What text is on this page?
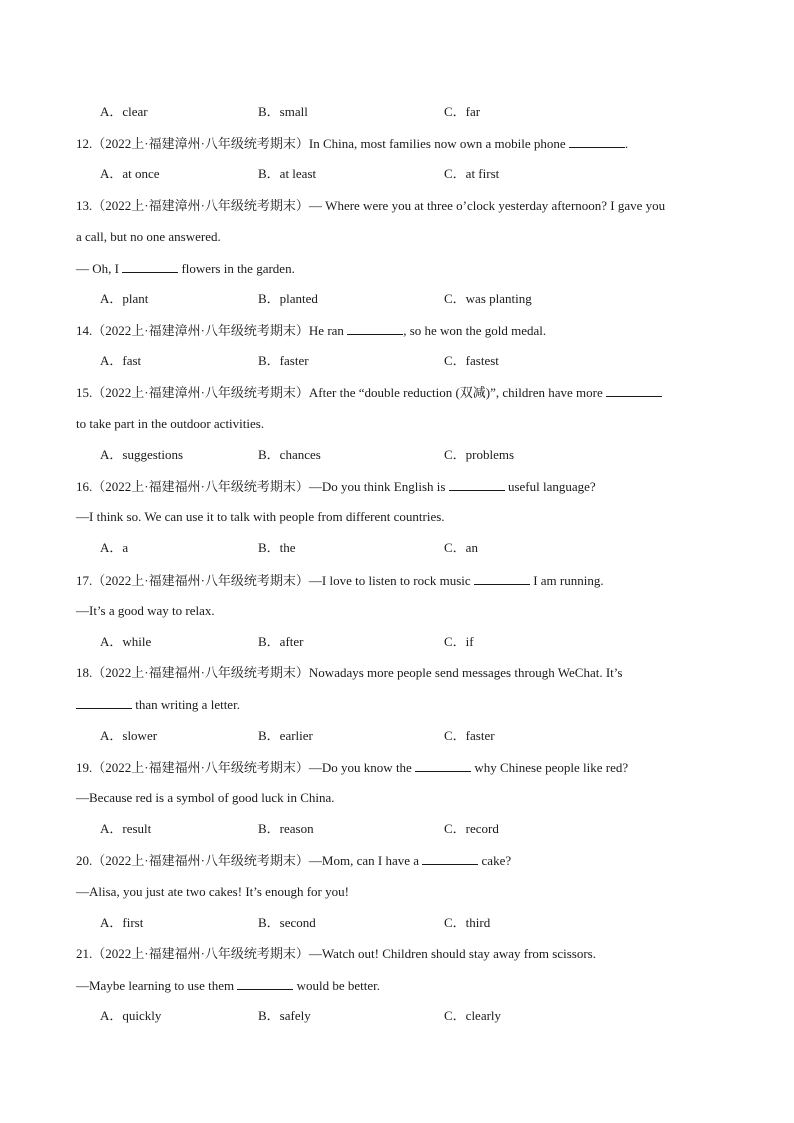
A．clear	B．small	C．far
12.（2022上·福建漳州·八年级统考期末）In China, most families now own a mobile phone	.
A．at once	B．at least	C．at first
13.（2022上·福建漳州·八年级统考期末）— Where were you at three o’clock yesterday afternoon? I gave you
a call, but no one answered.
— Oh, I	flowers in the garden.
A．plant	B．planted	C．was planting
14.（2022上·福建漳州·八年级统考期末）He ran	, so he won the gold medal.
A．fast	B．faster	C．fastest
15.（2022上·福建漳州·八年级统考期末）After the “double reduction (双减)”, children have more
to take part in the outdoor activities.
A．suggestions	B．chances	C．problems
16.（2022上·福建福州·八年级统考期末）—Do you think English is	useful language?
—I think so. We can use it to talk with people from different countries.
A．a	B．the	C．an
17.（2022上·福建福州·八年级统考期末）—I love to listen to rock music	I am running.
—It’s a good way to relax.
A．while	B．after	C．if
18.（2022上·福建福州·八年级统考期末）Nowadays more people send messages through WeChat. It’s
than writing a letter.
A．slower	B．earlier	C．faster
19.（2022上·福建福州·八年级统考期末）—Do you know the	why Chinese people like red?
—Because red is a symbol of good luck in China.
A．result	B．reason	C．record
20.（2022上·福建福州·八年级统考期末）—Mom, can I have a	cake?
—Alisa, you just ate two cakes! It’s enough for you!
A．first	B．second	C．third
21.（2022上·福建福州·八年级统考期末）—Watch out! Children should stay away from scissors.
—Maybe learning to use them	would be better.
A．quickly	B．safely	C．clearly
